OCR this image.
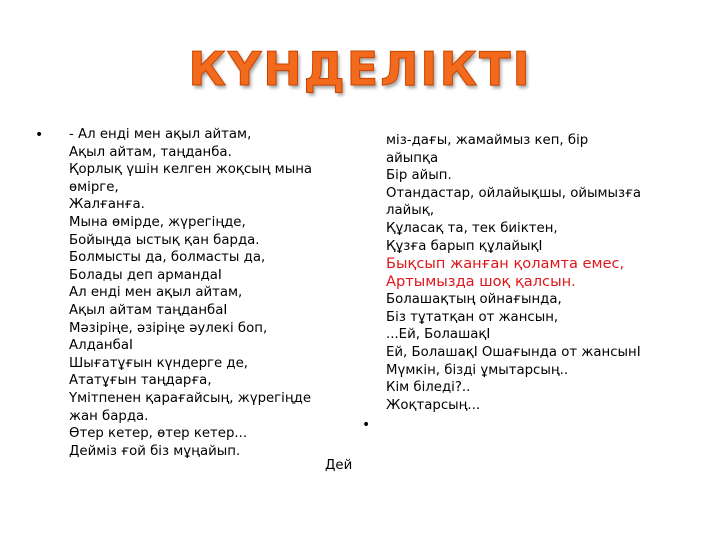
КҮНДЕЛІКТІ
• - Ал енді мен ақыл айтам,
Ақыл айтам, таңданба.
Қорлық үшін келген жоқсың мына
өмірге,
Жалғанға.
Мына өмірде, жүрегіңде,
Бойыңда ыстық қан барда.
Болмысты да, болмасты да,
Болады деп армандаI
Ал енді мен ақыл айтам,
Ақыл айтам таңданбаI
Мәзіріңе, әзіріңе әулекі боп,
АлданбаI
Шығатұғын күндерге де,
Ататұғын таңдарға,
Үмітпенен қарағайсың, жүрегіңде
жан барда.
Өтер кетер, өтер кетер...
Дейміз ғой біз мұңайып.
Дей
•
міз-дағы, жамаймыз кеп, бір
айыпқа
Бір айып.
Отандастар, ойлайықшы, ойымызға
лайық,
Құласақ та, тек биіктен,
Құзға барып құлайықI
Бықсып жанған қоламта емес,
Артымызда шоқ қалсын.
Болашақтың ойнағында,
Біз тұтатқан от жансын,
...Ей, БолашақI
Ей, БолашақI Ошағында от жансынI
Мүмкін, бізді ұмытарсың..
Кім біледі?..
Жоқтарсың...
